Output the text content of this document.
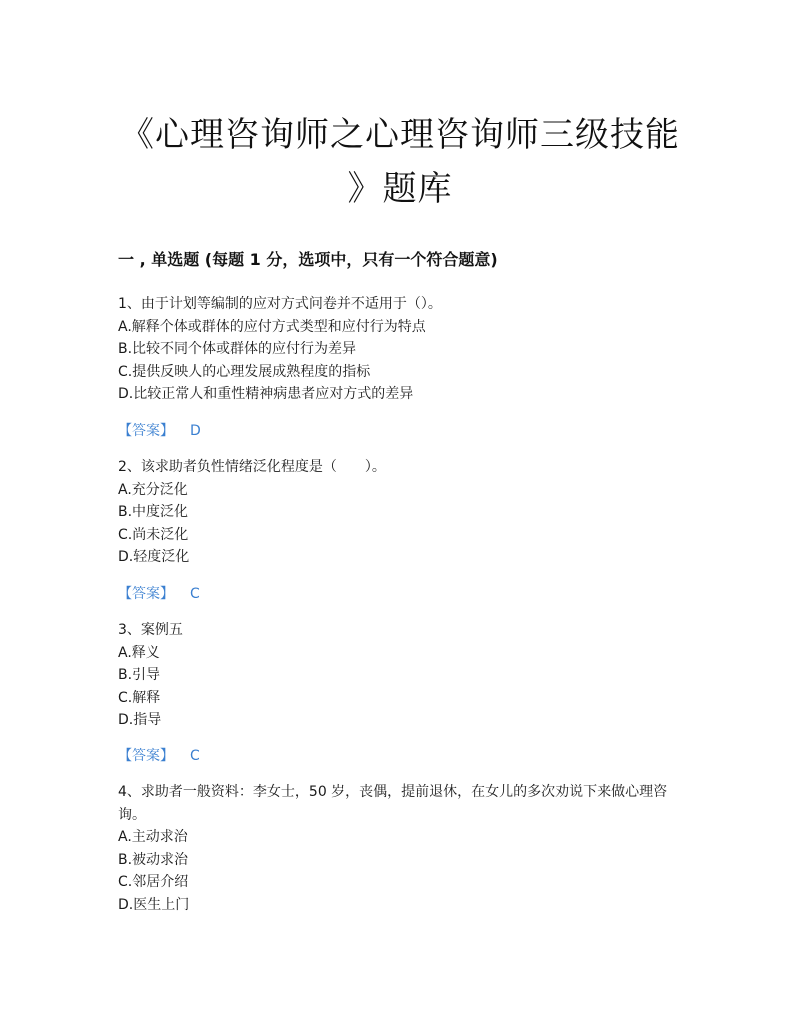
《心理咨询师之心理咨询师三级技能
》题库
一 , 单选题 (每题 1 分，选项中，只有一个符合题意)

1、由于计划等编制的应对方式问卷并不适用于（）。

A.解释个体或群体的应付方式类型和应付行为特点

B.比较不同个体或群体的应付行为差异

C.提供反映人的心理发展成熟程度的指标

D.比较正常人和重性精神病患者应对方式的差异

【答案】 D

2、该求助者负性情绪泛化程度是（　　）。

A.充分泛化

B.中度泛化

C.尚未泛化

D.轻度泛化

【答案】 C

3、案例五

A.释义

B.引导

C.解释

D.指导

【答案】 C

4、求助者一般资料：李女士，50 岁，丧偶，提前退休，在女儿的多次劝说下来做心理咨询。

A.主动求治

B.被动求治

C.邻居介绍

D.医生上门
